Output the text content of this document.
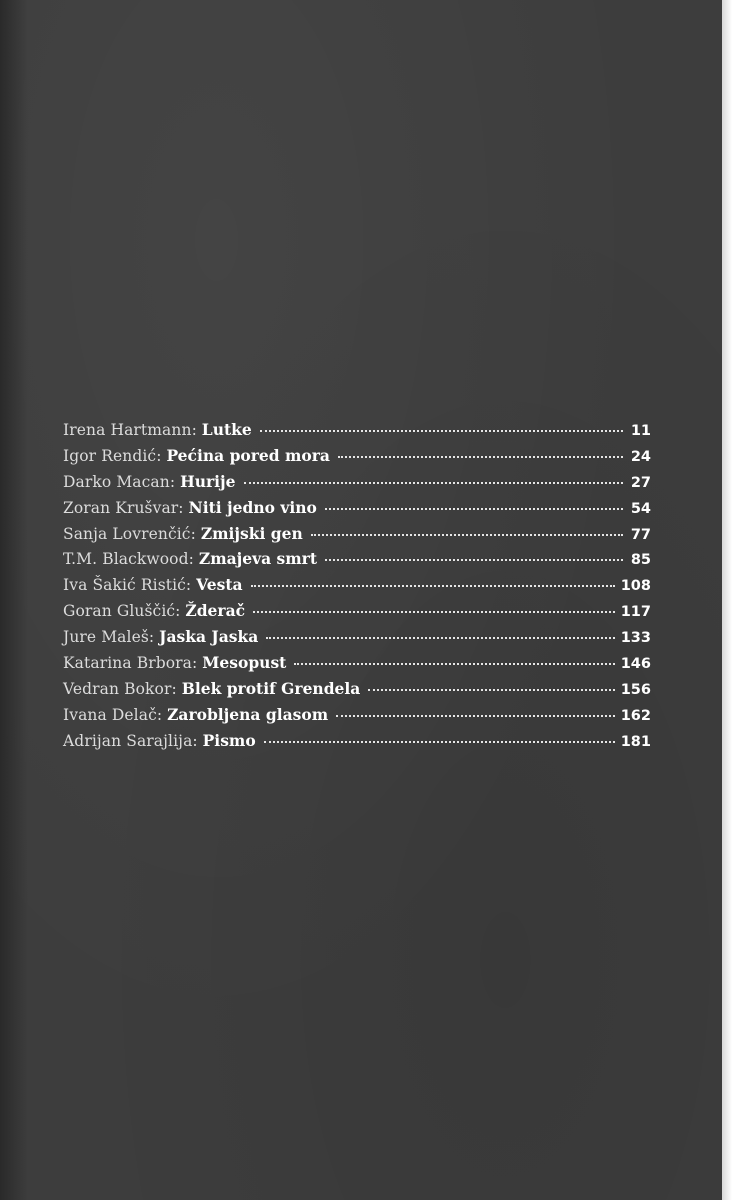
Irena Hartmann : Lutke	11
Igor Rendić : Pećina pored mora	24
Darko Macan : Hurije	27
Zoran Krušvar : Niti jedno vino	54
Sanja Lovrenčić : Zmijski gen	77
T.M. Blackwood : Zmajeva smrt	85
Iva Šakić Ristić : Vesta	108
Goran Gluščić : Žderač	117
Jure Maleš : Jaska Jaska	133
Katarina Brbora : Mesopust	146
Vedran Bokor : Blek protif Grendela	156
Ivana Delač : Zarobljena glasom	162
Adrijan Sarajlija : Pismo	181
